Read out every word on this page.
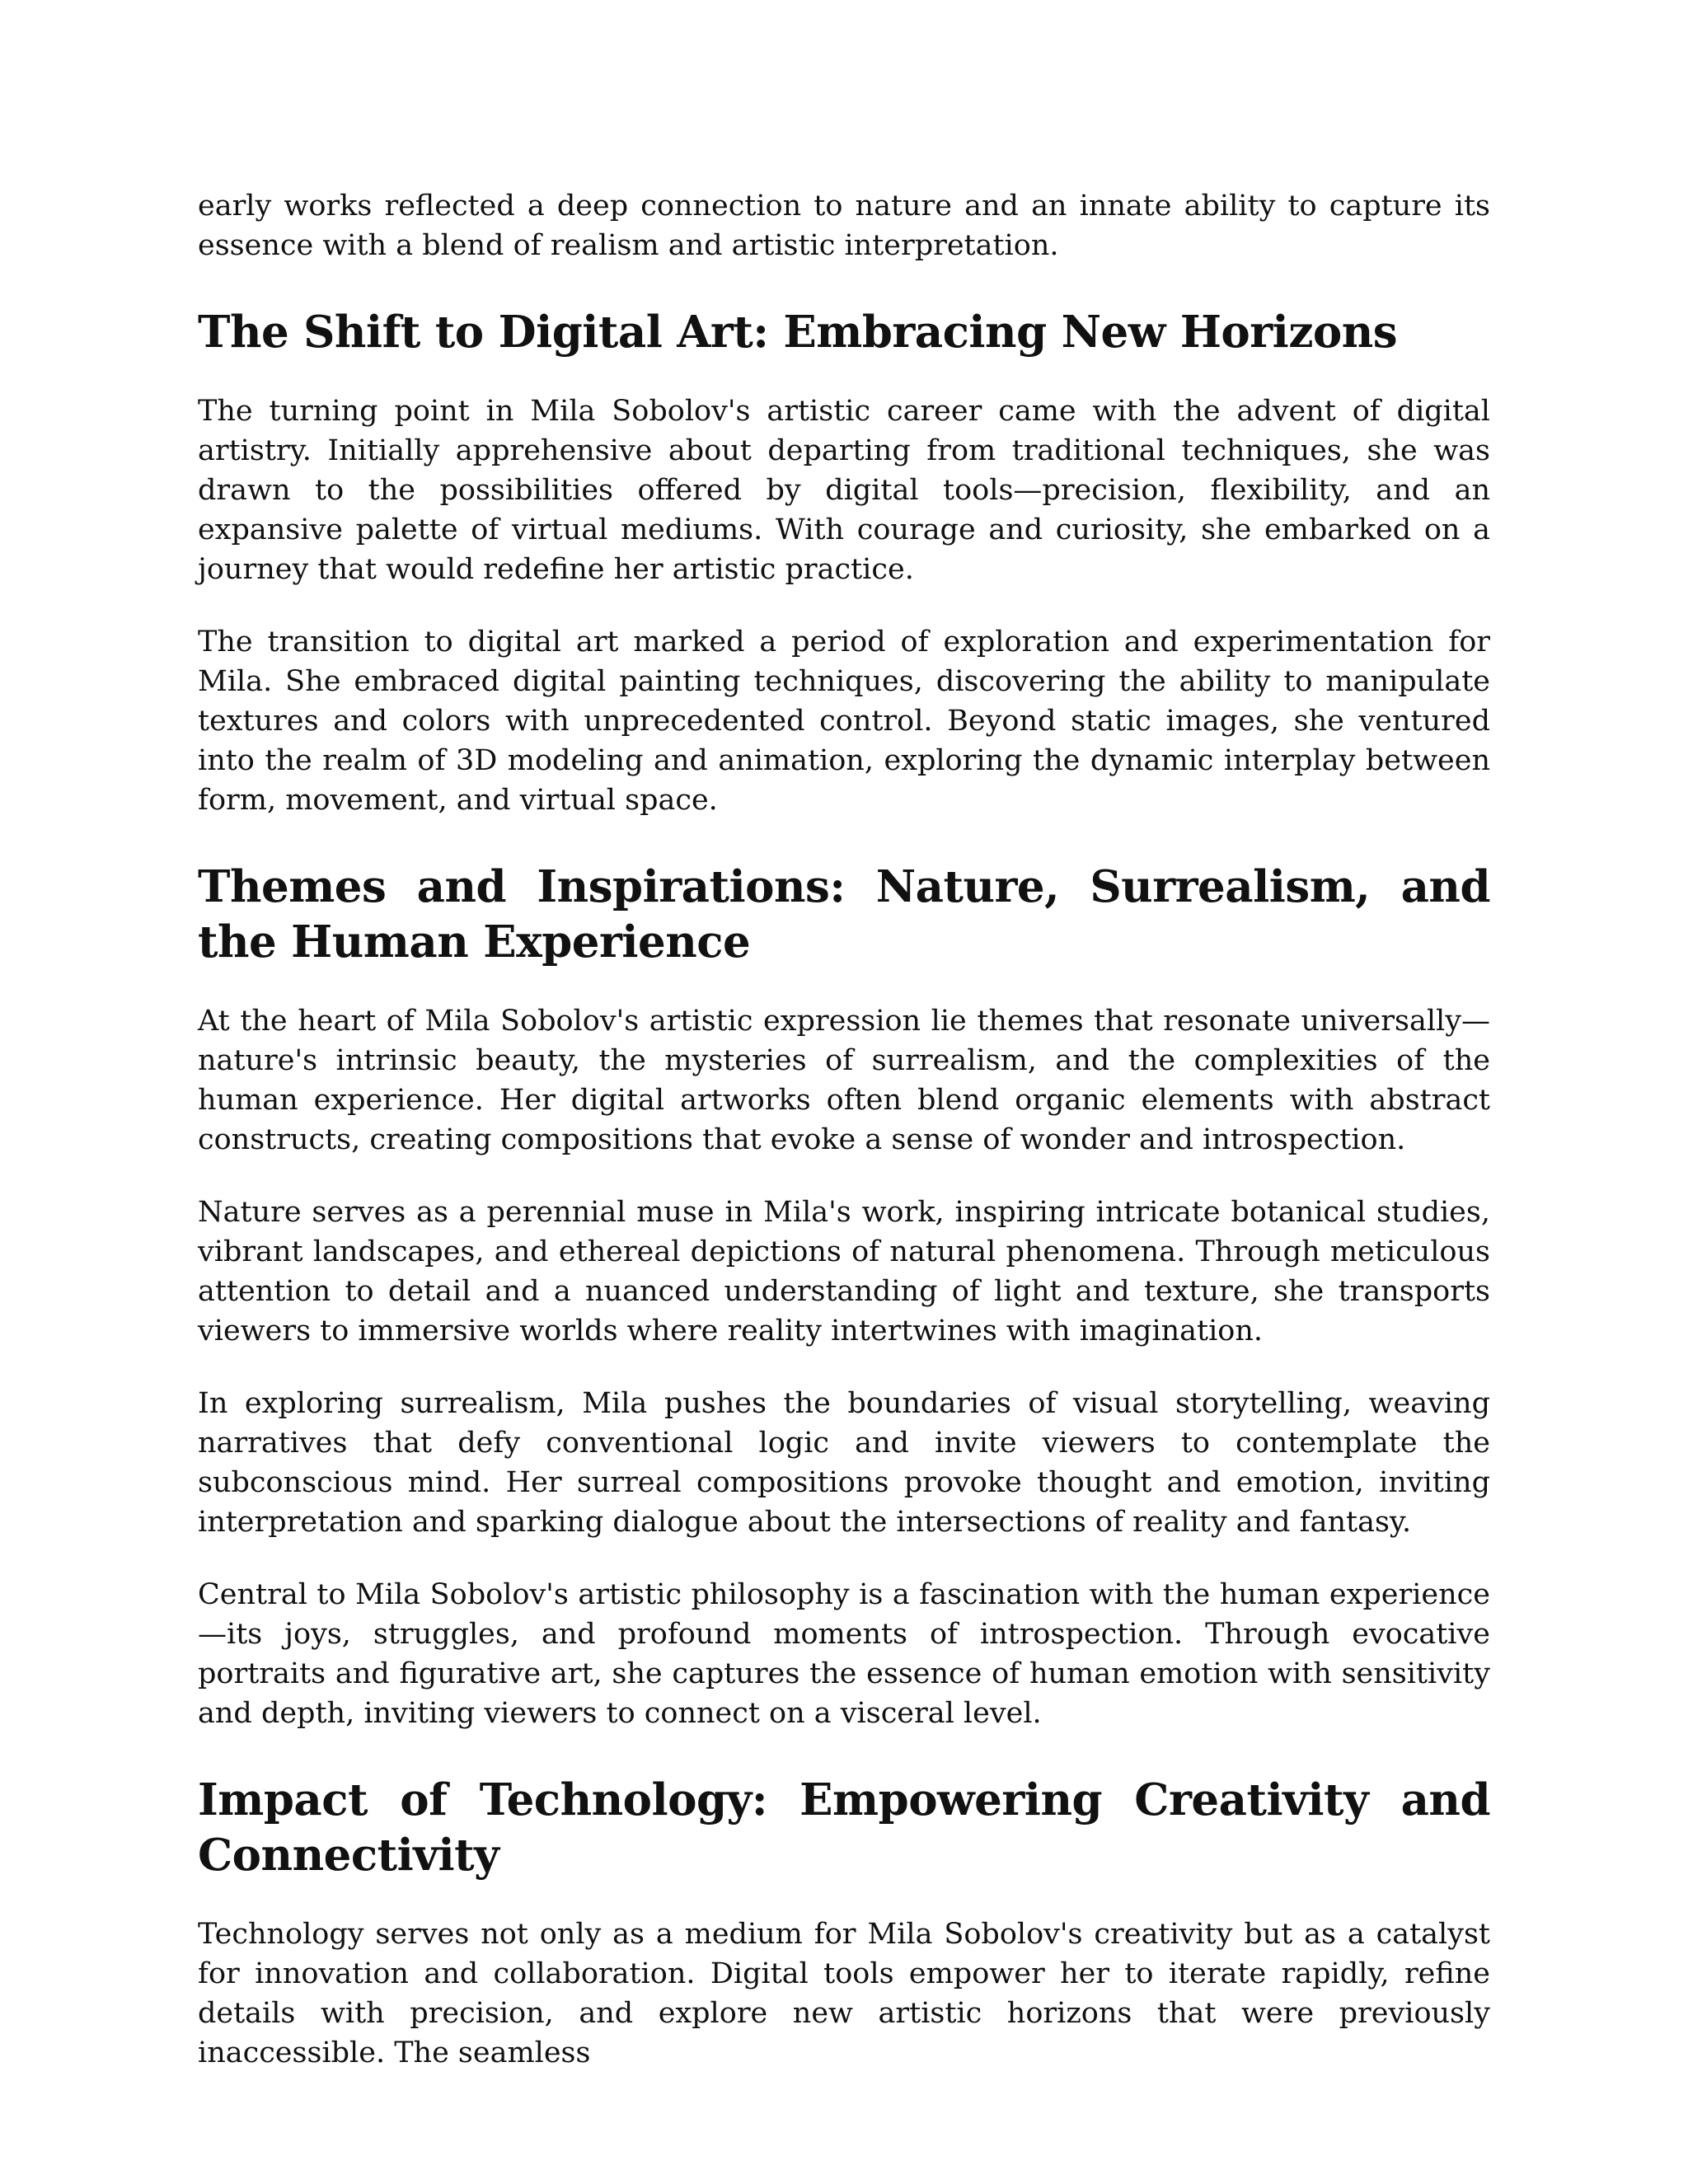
early works reflected a deep connection to nature and an innate ability to capture its essence with a blend of realism and artistic interpretation.

The Shift to Digital Art: Embracing New Horizons

The turning point in Mila Sobolov's artistic career came with the advent of digital artistry. Initially apprehensive about departing from traditional techniques, she was drawn to the possibilities offered by digital tools—precision, flexibility, and an expansive palette of virtual mediums. With courage and curiosity, she embarked on a journey that would redefine her artistic practice.

The transition to digital art marked a period of exploration and experimentation for Mila. She embraced digital painting techniques, discovering the ability to manipulate textures and colors with unprecedented control. Beyond static images, she ventured into the realm of 3D modeling and animation, exploring the dynamic interplay between form, movement, and virtual space.

Themes and Inspirations: Nature, Surrealism, and the Human Experience

At the heart of Mila Sobolov's artistic expression lie themes that resonate universally—nature's intrinsic beauty, the mysteries of surrealism, and the complexities of the human experience. Her digital artworks often blend organic elements with abstract constructs, creating compositions that evoke a sense of wonder and introspection.

Nature serves as a perennial muse in Mila's work, inspiring intricate botanical studies, vibrant landscapes, and ethereal depictions of natural phenomena. Through meticulous attention to detail and a nuanced understanding of light and texture, she transports viewers to immersive worlds where reality intertwines with imagination.

In exploring surrealism, Mila pushes the boundaries of visual storytelling, weaving narratives that defy conventional logic and invite viewers to contemplate the subconscious mind. Her surreal compositions provoke thought and emotion, inviting interpretation and sparking dialogue about the intersections of reality and fantasy.

Central to Mila Sobolov's artistic philosophy is a fascination with the human experience—its joys, struggles, and profound moments of introspection. Through evocative portraits and figurative art, she captures the essence of human emotion with sensitivity and depth, inviting viewers to connect on a visceral level.

Impact of Technology: Empowering Creativity and Connectivity

Technology serves not only as a medium for Mila Sobolov's creativity but as a catalyst for innovation and collaboration. Digital tools empower her to iterate rapidly, refine details with precision, and explore new artistic horizons that were previously inaccessible. The seamless
